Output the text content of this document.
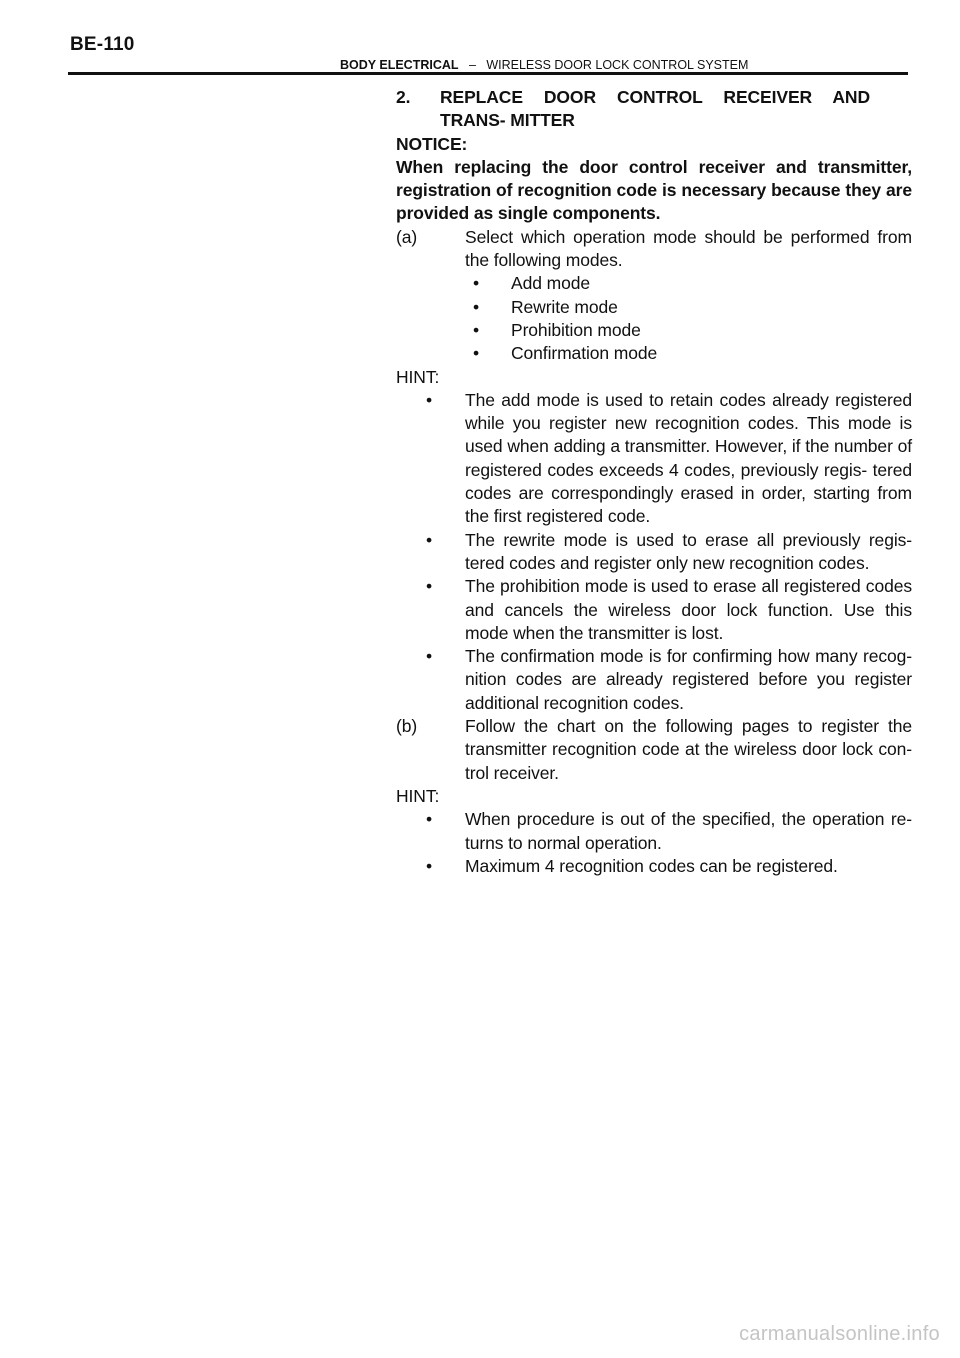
BE-110
BODY ELECTRICAL – WIRELESS DOOR LOCK CONTROL SYSTEM
2.	REPLACE DOOR CONTROL RECEIVER AND TRANS- MITTER
NOTICE:
When replacing the door control receiver and transmitter, registration of recognition code is necessary because they are provided as single components.
(a)	Select which operation mode should be performed from the following modes.
•	Add mode
•	Rewrite mode
•	Prohibition mode
•	Confirmation mode
HINT:
•	The add mode is used to retain codes already registered while you register new recognition codes. This mode is used when adding a transmitter. However, if the number of registered codes exceeds 4 codes, previously regis- tered codes are correspondingly erased in order, starting from the first registered code.
•	The rewrite mode is used to erase all previously regis- tered codes and register only new recognition codes.
•	The prohibition mode is used to erase all registered codes and cancels the wireless door lock function. Use this mode when the transmitter is lost.
•	The confirmation mode is for confirming how many recog- nition codes are already registered before you register additional recognition codes.
(b)	Follow the chart on the following pages to register the transmitter recognition code at the wireless door lock con- trol receiver.
HINT:
•	When procedure is out of the specified, the operation re- turns to normal operation.
•	Maximum 4 recognition codes can be registered.
carmanualsonline.info
